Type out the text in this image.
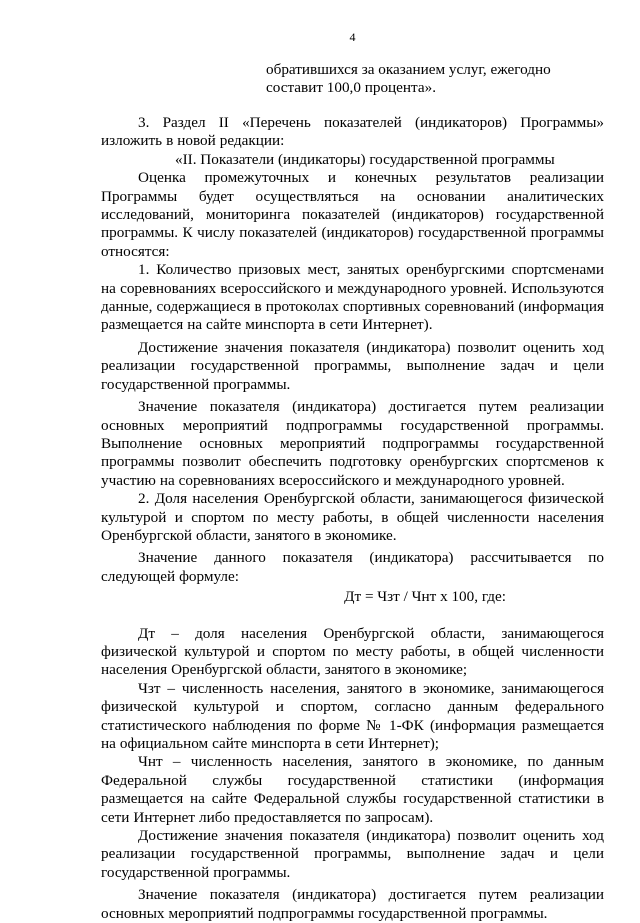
4
обратившихся за оказанием услуг, ежегодно
составит 100,0 процента».

3. Раздел II «Перечень показателей (индикаторов) Программы» изложить в новой редакции:

«II. Показатели (индикаторы) государственной программы

Оценка промежуточных и конечных результатов реализации Программы будет осуществляться на основании аналитических исследований, мониторинга показателей (индикаторов) государственной программы. К числу показателей (индикаторов) государственной программы относятся:

1. Количество призовых мест, занятых оренбургскими спортсменами на соревнованиях всероссийского и международного уровней. Используются данные, содержащиеся в протоколах спортивных соревнований (информация размещается на сайте минспорта в сети Интернет).

Достижение значения показателя (индикатора) позволит оценить ход реализации государственной программы, выполнение задач и цели государственной программы.

Значение показателя (индикатора) достигается путем реализации основных мероприятий подпрограммы государственной программы. Выполнение основных мероприятий подпрограммы государственной программы позволит обеспечить подготовку оренбургских спортсменов к участию на соревнованиях всероссийского и международного уровней.

2. Доля населения Оренбургской области, занимающегося физической культурой и спортом по месту работы, в общей численности населения Оренбургской области, занятого в экономике.

Значение данного показателя (индикатора) рассчитывается по следующей формуле:

Дт = Чзт / Чнт х 100, где:

Дт – доля населения Оренбургской области, занимающегося физической культурой и спортом по месту работы, в общей численности населения Оренбургской области, занятого в экономике;

Чзт – численность населения, занятого в экономике, занимающегося физической культурой и спортом, согласно данным федерального статистического наблюдения по форме № 1-ФК (информация размещается на официальном сайте минспорта в сети Интернет);

Чнт – численность населения, занятого в экономике, по данным Федеральной службы государственной статистики (информация размещается на сайте Федеральной службы государственной статистики в сети Интернет либо предоставляется по запросам).

Достижение значения показателя (индикатора) позволит оценить ход реализации государственной программы, выполнение задач и цели государственной программы.

Значение показателя (индикатора) достигается путем реализации основных мероприятий подпрограммы государственной программы.
